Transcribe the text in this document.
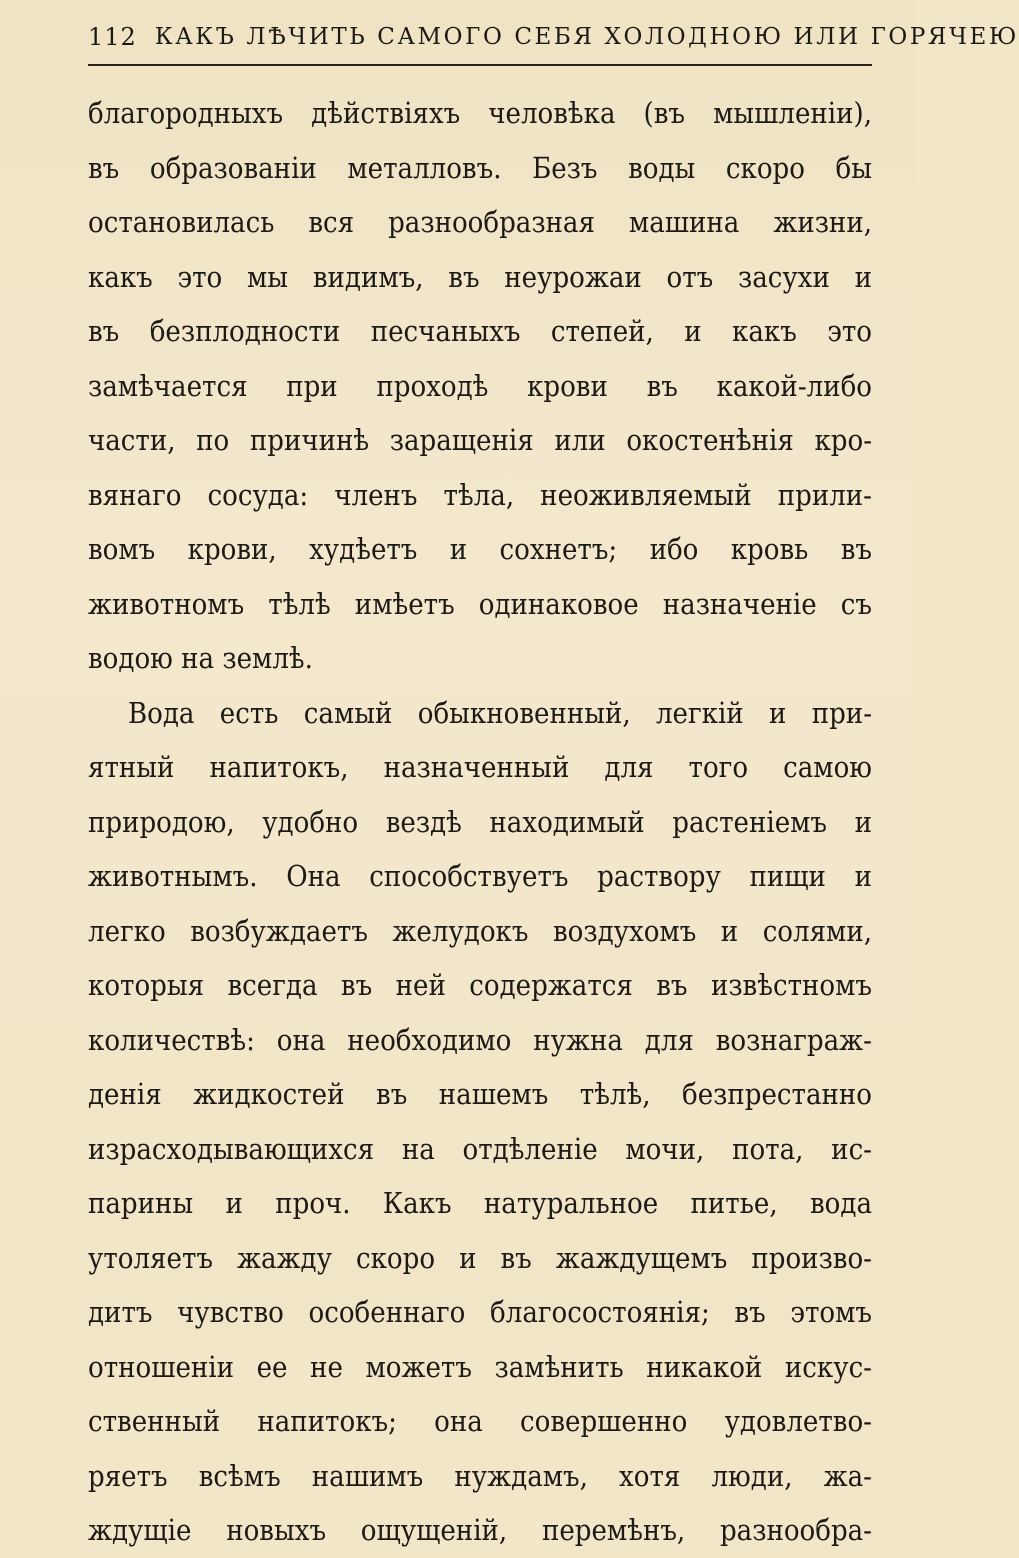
112 КАКЪ ЛѢЧИТЬ САМОГО СЕБЯ ХОЛОДНОЮ ИЛИ ГОРЯЧЕЮ
благородныхъ дѣйствіяхъ человѣка (въ мышленіи),
въ образованіи металловъ. Безъ воды скоро бы
остановилась вся разнообразная машина жизни,
какъ это мы видимъ, въ неурожаи отъ засухи и
въ безплодности песчаныхъ степей, и какъ это
замѣчается при проходѣ крови въ какой-либо
части, по причинѣ заращенія или окостенѣнія кро-
вянаго сосуда: членъ тѣла, неоживляемый прили-
вомъ крови, худѣетъ и сохнетъ; ибо кровь въ
животномъ тѣлѣ имѣетъ одинаковое назначеніе съ
водою на землѣ.
Вода есть самый обыкновенный, легкій и при-
ятный напитокъ, назначенный для того самою
природою, удобно вездѣ находимый растеніемъ и
животнымъ. Она способствуетъ раствору пищи и
легко возбуждаетъ желудокъ воздухомъ и солями,
которыя всегда въ ней содержатся въ извѣстномъ
количествѣ: она необходимо нужна для вознаграж-
денія жидкостей въ нашемъ тѣлѣ, безпрестанно
израсходывающихся на отдѣленіе мочи, пота, ис-
парины и проч. Какъ натуральное питье, вода
утоляетъ жажду скоро и въ жаждущемъ произво-
дитъ чувство особеннаго благосостоянія; въ этомъ
отношеніи ее не можетъ замѣнить никакой искус-
ственный напитокъ; она совершенно удовлетво-
ряетъ всѣмъ нашимъ нуждамъ, хотя люди, жа-
ждущіе новыхъ ощущеній, перемѣнъ, разнообра-
